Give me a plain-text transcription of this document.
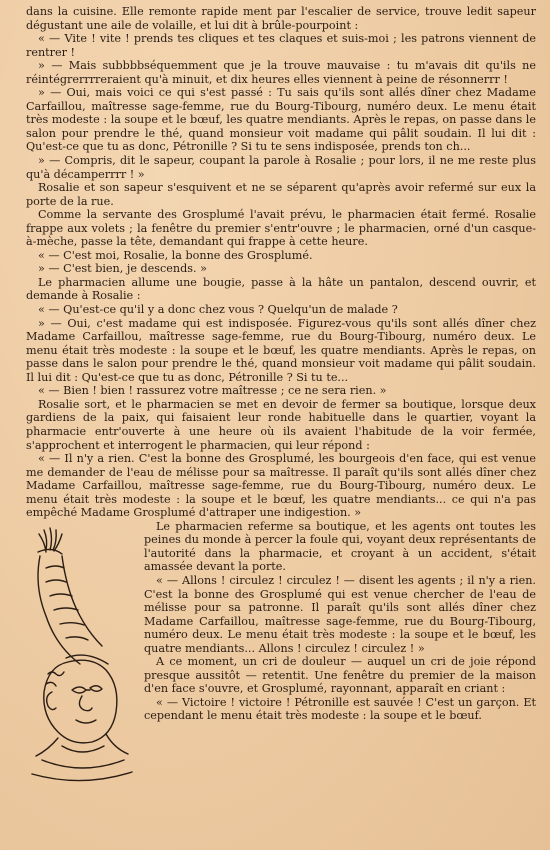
dans la cuisine. Elle remonte rapide ment par l'escalier de service, trouve ledit sapeur dégustant une aile de volaille, et lui dit à brûle-pourpoint :

« — Vite ! vite ! prends tes cliques et tes claques et suis-moi ; les patrons viennent de rentrer !

» — Mais subbbbséquemment que je la trouve mauvaise : tu m'avais dit qu'ils ne réintégrerrrreraient qu'à minuit, et dix heures elles viennent à peine de résonnerrr !

» — Oui, mais voici ce qui s'est passé : Tu sais qu'ils sont allés dîner chez Madame Carfaillou, maîtresse sage-femme, rue du Bourg-Tibourg, numéro deux. Le menu était très modeste : la soupe et le bœuf, les quatre mendiants. Après le repas, on passe dans le salon pour prendre le thé, quand monsieur voit madame qui pâlit soudain. Il lui dit : Qu'est-ce que tu as donc, Pétronille ? Si tu te sens indisposée, prends ton ch...

» — Compris, dit le sapeur, coupant la parole à Rosalie ; pour lors, il ne me reste plus qu'à décamperrrr ! »

Rosalie et son sapeur s'esquivent et ne se séparent qu'après avoir refermé sur eux la porte de la rue.

Comme la servante des Grosplumé l'avait prévu, le pharmacien était fermé. Rosalie frappe aux volets ; la fenêtre du premier s'entr'ouvre ; le pharmacien, orné d'un casque-à-mèche, passe la tête, demandant qui frappe à cette heure.

« — C'est moi, Rosalie, la bonne des Grosplumé.

» — C'est bien, je descends. »

Le pharmacien allume une bougie, passe à la hâte un pantalon, descend ouvrir, et demande à Rosalie :

« — Qu'est-ce qu'il y a donc chez vous ? Quelqu'un de malade ?

» — Oui, c'est madame qui est indisposée. Figurez-vous qu'ils sont allés dîner chez Madame Carfaillou, maîtresse sage-femme, rue du Bourg-Tibourg, numéro deux. Le menu était très modeste : la soupe et le bœuf, les quatre mendiants. Après le repas, on passe dans le salon pour prendre le thé, quand monsieur voit madame qui pâlit soudain. Il lui dit : Qu'est-ce que tu as donc, Pétronille ? Si tu te...

« — Bien ! bien ! rassurez votre maîtresse ; ce ne sera rien. »

Rosalie sort, et le pharmacien se met en devoir de fermer sa boutique, lorsque deux gardiens de la paix, qui faisaient leur ronde habituelle dans le quartier, voyant la pharmacie entr'ouverte à une heure où ils avaient l'habitude de la voir fermée, s'approchent et interrogent le pharmacien, qui leur répond :

« — Il n'y a rien. C'est la bonne des Grosplumé, les bourgeois d'en face, qui est venue me demander de l'eau de mélisse pour sa maîtresse. Il paraît qu'ils sont allés dîner chez Madame Carfaillou, maîtresse sage-femme, rue du Bourg-Tibourg, numéro deux. Le menu était très modeste : la soupe et le bœuf, les quatre mendiants... ce qui n'a pas empêché Madame Grosplumé d'attraper une indigestion. »

Le pharmacien referme sa boutique, et les agents ont toutes les peines du monde à percer la foule qui, voyant deux représentants de l'autorité dans la pharmacie, et croyant à un accident, s'était amassée devant la porte.

« — Allons ! circulez ! circulez ! — disent les agents ; il n'y a rien. C'est la bonne des Grosplumé qui est venue chercher de l'eau de mélisse pour sa patronne. Il paraît qu'ils sont allés dîner chez Madame Carfaillou, maîtresse sage-femme, rue du Bourg-Tibourg, numéro deux. Le menu était très modeste : la soupe et le bœuf, les quatre mendiants... Allons ! circulez ! circulez ! »

A ce moment, un cri de douleur — auquel un cri de joie répond presque aussitôt — retentit. Une fenêtre du premier de la maison d'en face s'ouvre, et Grosplumé, rayonnant, apparaît en criant :

« — Victoire ! victoire ! Pétronille est sauvée ! C'est un garçon. Et cependant le menu était très modeste : la soupe et le bœuf.
